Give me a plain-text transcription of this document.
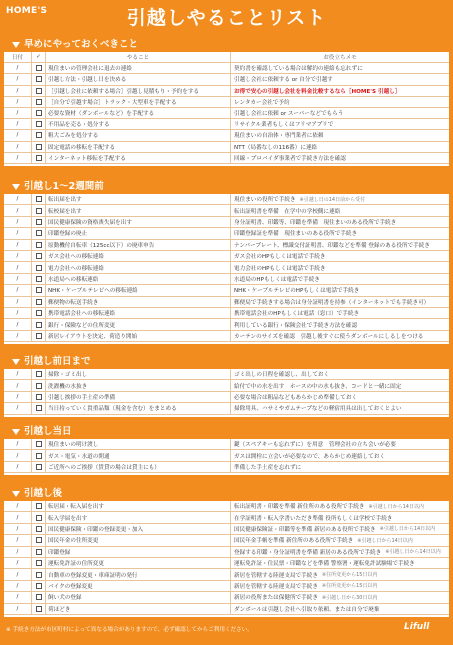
HOME'S	引越しやることリスト
早めにやっておくべきこと
日付	✓	やること	お役立ちメモ
/	現住まいの管理会社に退去の連絡	契約書を確認している場合は解約の連絡も忘れずに
/	引越し方法・引越し日を決める	引越し会社に依頼する or 自分で引越す
/	［引越し会社に依頼する場合］引越し見積もり・予約をする	お得で安心の引越し会社を料金比較するなら［HOME'S 引越し］
/	［自分で引越す場合］トラック・大型車を手配する	レンタカー会社で予約
/	必要な資材（ダンボールなど）を手配する	引越し会社に依頼 or スーパーなどでもらう
/	不用品を売る・処分する	リサイクル業者もしくはフリマアプリで
/	粗大ごみを処分する	現住まいの自治体・専門業者に依頼
/	固定電話の移転を手配する	NTT（局番なしの116番）に連絡
/	インターネット移転を手配する	回線・プロバイダ事業者で手続き方法を確認
引越し1～2週間前
/	転出届を出す	現住まいの役所で手続き ※引越し日の14日前から受付
/	転校届を出す	転出証明書を準備　在学中の学校側に連絡
/	国民健康保険の資格喪失届を出す	身分証明書、印鑑等、印鑑を準備　現住まいのある役所で手続き
/	印鑑登録の廃止	印鑑登録証を準備　現住まいのある役所で手続き
/	原動機付自転車（125cc以下）の廃車申告	ナンバープレート、標識交付証明書、印鑑などを準備 登録のある役所で手続き
/	ガス会社への移転連絡	ガス会社のHPもしくは電話で手続き
/	電力会社への移転連絡	電力会社のHPもしくは電話で手続き
/	水道局への移転連絡	水道局のHPもしくは電話で手続き
/	NHK・ケーブルテレビへの移転連絡	NHK・ケーブルテレビのHPもしくは電話で手続き
/	郵便物の転送手続き	郵便局で手続きする場合は身分証明書を持参（インターネットでも手続き可）
/	携帯電話会社への移転連絡	携帯電話会社のHPもしくは電話（窓口）で手続き
/	銀行・保険などの住所変更	利用している銀行・保険会社で手続き方法を確認
/	新居レイアウトを決定、荷造り開始	カーテンのサイズを確認　引越し後すぐに使うダンボールにしるしをつける
引越し前日まで
/	掃除・ゴミ出し	ゴミ出しの日程を確認し、出しておく
/	洗濯機の水抜き	給付で中の水を出す　ホースの中の水も抜き、コードと一緒に固定
/	引越し挨拶の手土産の準備	必要な場合は粗品などもあらかじめ準備しておく
/	当日持っていく貴重品類（現金を含む）をまとめる	掃除用具、ハサミやガムテープなどの軽宿用具は出しておくとよい
引越し当日
/	現住まいの明け渡し	鍵（スペアキーも忘れずに）を用意　管理会社の立ち会いが必要
/	ガス・電気・水道の開通	ガスは開栓に立会いが必要なので、あらかじめ連絡しておく
/	ご近所へのご挨拶（賃貸の場合は貸主にも）	準備した手土産を忘れずに
引越し後
/	転居届・転入届を出す	転出証明書・印鑑を準備 新住所のある役所で手続き ※引越し日から14日以内
/	転入学届を出す	在学証明書・転入学書いただき準備 役所もしくは学校で手続き
/	国民健康保険・印鑑の登録変更・加入	国民健康保険証・印鑑等を準備 新居のある役所で手続き ※引越し日から14日以内
/	国民年金の住所変更	国民年金手帳を準備 新住所のある役所で手続き ※引越し日から14日以内
/	印鑑登録	登録する印鑑・身分証明書を準備 新居のある役所で手続き ※引越し日から14日以内
/	運転免許証の住所変更	運転免許証・住民票・印鑑などを準備 警察署・運転免許試験場で手続き
/	自動車の登録変更・車庫証明の発行	新居を管轄する陸運支局で手続き ※住所変更から15日以内
/	バイクの登録変更	新居を管轄する陸運支局で手続き ※住所変更から15日以内
/	飼い犬の登録	新居の役所または保健所で手続き ※引越し日から30日以内
/	荷ほどき	ダンボールは引越し会社へ引取り依頼、または自分で廃棄
※ 手続き方法が市区町村によって異なる場合がありますので、必ず確認してからご利用ください。	Lifull
